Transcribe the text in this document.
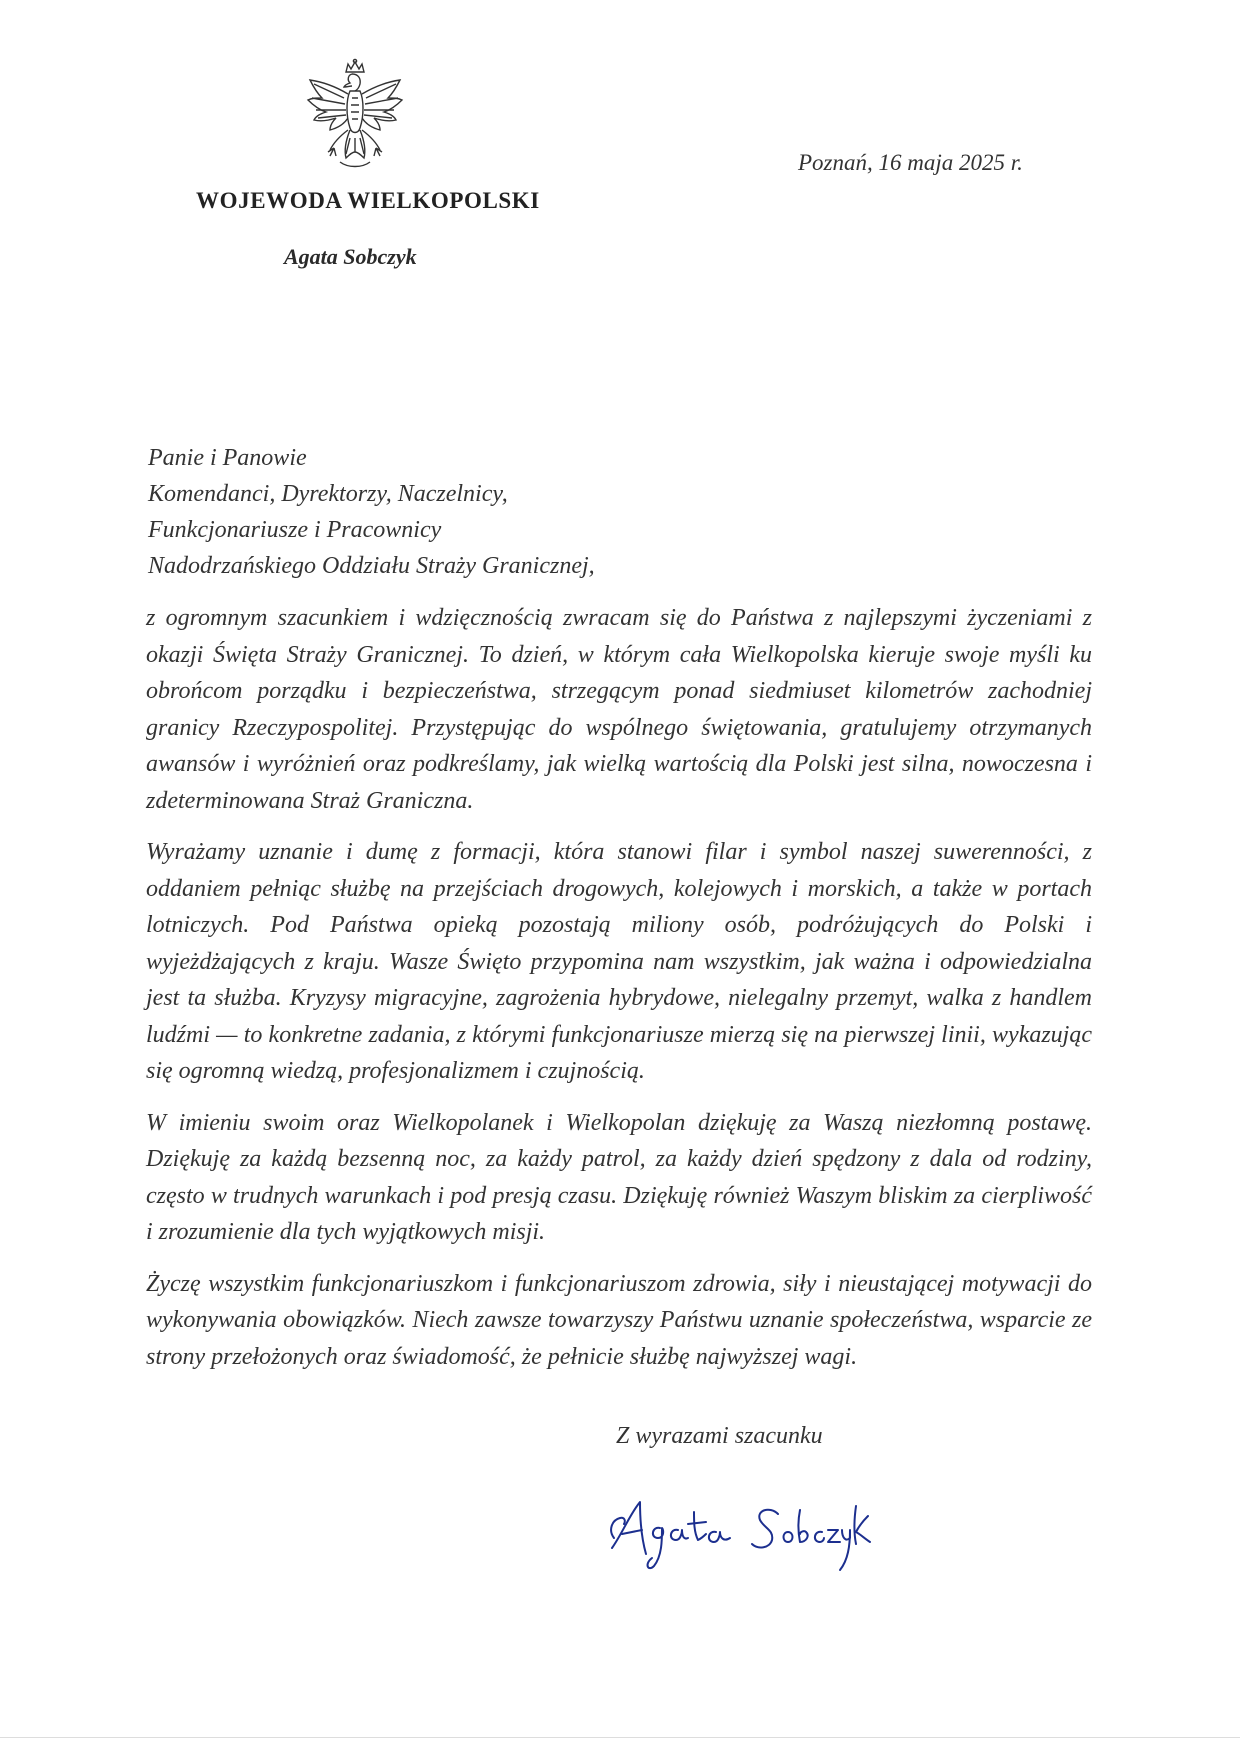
WOJEWODA WIELKOPOLSKI
Agata Sobczyk
Poznań, 16 maja 2025 r.
Panie i Panowie
Komendanci, Dyrektorzy, Naczelnicy,
Funkcjonariusze i Pracownicy
Nadodrzańskiego Oddziału Straży Granicznej,

z ogromnym szacunkiem i wdzięcznością zwracam się do Państwa z najlepszymi życzeniami z okazji Święta Straży Granicznej. To dzień, w którym cała Wielkopolska kieruje swoje myśli ku obrońcom porządku i bezpieczeństwa, strzegącym ponad siedmiuset kilometrów zachodniej granicy Rzeczypospolitej. Przystępując do wspólnego świętowania, gratulujemy otrzymanych awansów i wyróżnień oraz podkreślamy, jak wielką wartością dla Polski jest silna, nowoczesna i zdeterminowana Straż Graniczna.

Wyrażamy uznanie i dumę z formacji, która stanowi filar i symbol naszej suwerenności, z oddaniem pełniąc służbę na przejściach drogowych, kolejowych i morskich, a także w portach lotniczych. Pod Państwa opieką pozostają miliony osób, podróżujących do Polski i wyjeżdżających z kraju. Wasze Święto przypomina nam wszystkim, jak ważna i odpowiedzialna jest ta służba. Kryzysy migracyjne, zagrożenia hybrydowe, nielegalny przemyt, walka z handlem ludźmi — to konkretne zadania, z którymi funkcjonariusze mierzą się na pierwszej linii, wykazując się ogromną wiedzą, profesjonalizmem i czujnością.

W imieniu swoim oraz Wielkopolanek i Wielkopolan dziękuję za Waszą niezłomną postawę. Dziękuję za każdą bezsenną noc, za każdy patrol, za każdy dzień spędzony z dala od rodziny, często w trudnych warunkach i pod presją czasu. Dziękuję również Waszym bliskim za cierpliwość i zrozumienie dla tych wyjątkowych misji.

Życzę wszystkim funkcjonariuszkom i funkcjonariuszom zdrowia, siły i nieustającej motywacji do wykonywania obowiązków. Niech zawsze towarzyszy Państwu uznanie społeczeństwa, wsparcie ze strony przełożonych oraz świadomość, że pełnicie służbę najwyższej wagi.

Z wyrazami szacunku
